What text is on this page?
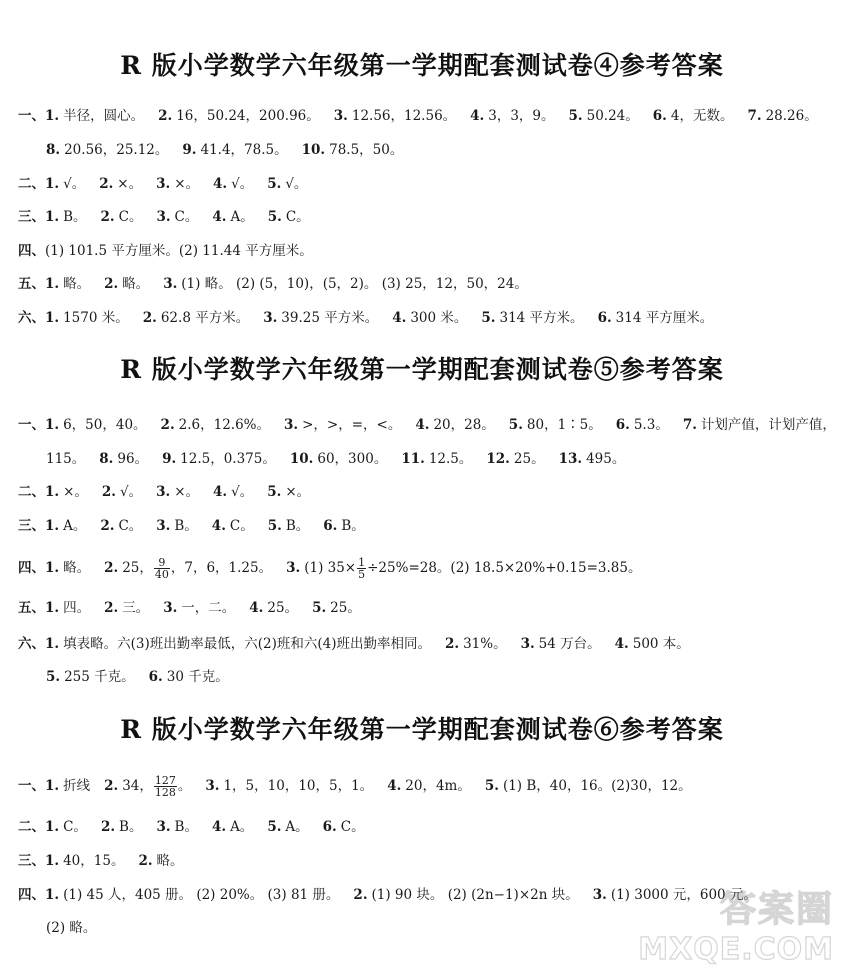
R 版小学数学六年级第一学期配套测试卷④参考答案
一、1. 半径，圆心。 2. 16，50.24，200.96。 3. 12.56，12.56。 4. 3，3，9。 5. 50.24。 6. 4，无数。 7. 28.26。
8. 20.56，25.12。 9. 41.4，78.5。 10. 78.5，50。
二、1. √。 2. ×。 3. ×。 4. √。 5. √。
三、1. B。 2. C。 3. C。 4. A。 5. C。
四、(1) 101.5 平方厘米。(2) 11.44 平方厘米。
五、1. 略。 2. 略。 3. (1) 略。 (2) (5，10)，(5，2)。 (3) 25，12，50，24。
六、1. 1570 米。 2. 62.8 平方米。 3. 39.25 平方米。 4. 300 米。 5. 314 平方米。 6. 314 平方厘米。
R 版小学数学六年级第一学期配套测试卷⑤参考答案
一、1. 6，50，40。 2. 2.6̇，12.6%。 3. >，>，=，<。 4. 20，28。 5. 80，1∶5。 6. 5.3。 7. 计划产值，计划产值，
115。 8. 96。 9. 12.5，0.375。 10. 60，300。 11. 12.5。 12. 25。 13. 495。
二、1. ×。 2. √。 3. ×。 4. √。 5. ×。
三、1. A。 2. C。 3. B。 4. C。 5. B。 6. B。
四、1. 略。 2. 25， $\frac{9}{40}$ ，7，6，1.25。 3. (1) $35\times \frac{1}{5} \div 25\%=28$。(2) 18.5×20%+0.15=3.85。
五、1. 四。 2. 三。 3. 一，二。 4. 25。 5. 25。
六、1. 填表略。六(3)班出勤率最低，六(2)班和六(4)班出勤率相同。 2. 31%。 3. 54 万台。 4. 500 本。
5. 255 千克。 6. 30 千克。
R 版小学数学六年级第一学期配套测试卷⑥参考答案
一、1. 折线 2. 34， $\frac{127}{128}$ 。 3. 1，5，10，10，5，1。 4. 20，4m。 5. (1) B，40，16。(2)30，12。
二、1. C。 2. B。 3. B。 4. A。 5. A。 6. C。
三、1. 40，15。 2. 略。
四、1. (1) 45 人，405 册。 (2) 20%。 (3) 81 册。 2. (1) 90 块。 (2) (2n−1)×2n 块。 3. (1) 3000 元，600 元。
(2) 略。	答案圈
MXQE.COM
